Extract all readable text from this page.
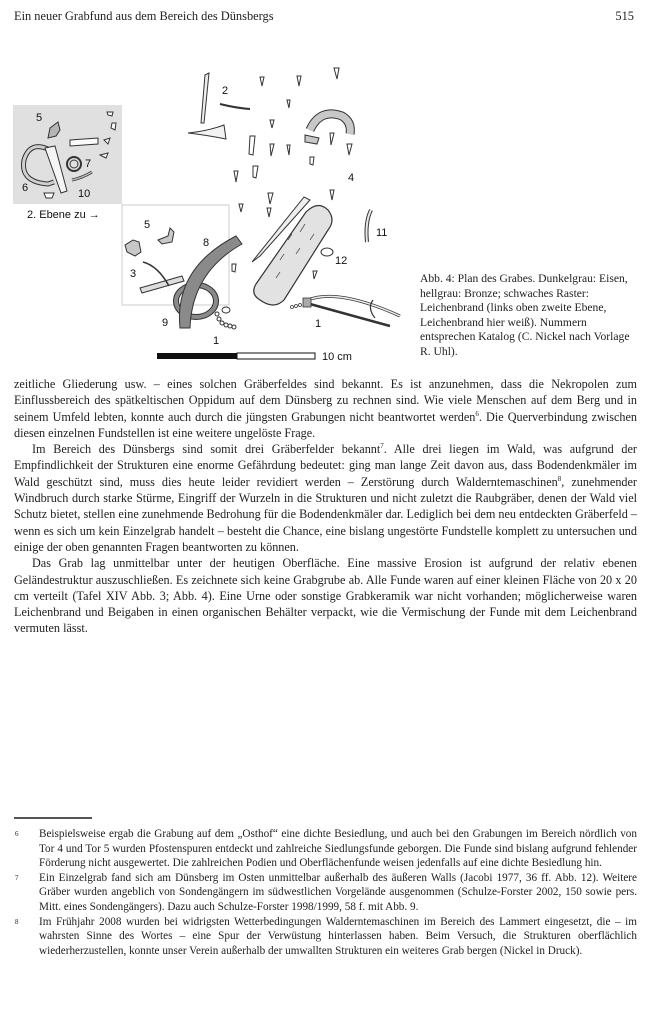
Ein neuer Grabfund aus dem Bereich des Dünsbergs	515
5
6
7
10
2. Ebene zu →
2
4
5
3
9
8
1
11
12
1
10 cm
Abb. 4: Plan des Grabes. Dunkelgrau: Eisen, hellgrau: Bronze; schwaches Raster: Leichenbrand (links oben zweite Ebene, Leichenbrand hier weiß). Nummern entsprechen Katalog (C. Nickel nach Vorlage R. Uhl).

zeitliche Gliederung usw. – eines solchen Gräberfeldes sind bekannt. Es ist anzunehmen, dass die Nekropolen zum Einflussbereich des spätkeltischen Oppidum auf dem Dünsberg zu rechnen sind. Wie viele Menschen auf dem Berg und in seinem Umfeld lebten, konnte auch durch die jüngsten Grabungen nicht beantwortet werden$^6$. Die Querverbindung zwischen diesen einzelnen Fundstellen ist eine weitere ungelöste Frage.

Im Bereich des Dünsbergs sind somit drei Gräberfelder bekannt$^7$. Alle drei liegen im Wald, was aufgrund der Empfindlichkeit der Strukturen eine enorme Gefährdung bedeutet: ging man lange Zeit davon aus, dass Bodendenkmäler im Wald geschützt sind, muss dies heute leider revidiert werden – Zerstörung durch Walderntemaschinen$^8$, zunehmender Windbruch durch starke Stürme, Eingriff der Wurzeln in die Strukturen und nicht zuletzt die Raubgräber, denen der Wald viel Schutz bietet, stellen eine zunehmende Bedrohung für die Bodendenkmäler dar. Lediglich bei dem neu entdeckten Gräberfeld – wenn es sich um kein Einzelgrab handelt – besteht die Chance, eine bislang ungestörte Fundstelle komplett zu untersuchen und einige der oben genannten Fragen beantworten zu können.

Das Grab lag unmittelbar unter der heutigen Oberfläche. Eine massive Erosion ist aufgrund der relativ ebenen Geländestruktur auszuschließen. Es zeichnete sich keine Grabgrube ab. Alle Funde waren auf einer kleinen Fläche von 20 x 20 cm verteilt (Tafel XIV Abb. 3; Abb. 4). Eine Urne oder sonstige Grabkeramik war nicht vorhanden; möglicherweise waren Leichenbrand und Beigaben in einen organischen Behälter verpackt, wie die Vermischung der Funde mit dem Leichenbrand vermuten lässt.

6	Beispielsweise ergab die Grabung auf dem „Osthof“ eine dichte Besiedlung, und auch bei den Grabungen im Bereich nördlich von Tor 4 und Tor 5 wurden Pfostenspuren entdeckt und zahlreiche Siedlungsfunde geborgen. Die Funde sind bislang aufgrund fehlender Förderung nicht ausgewertet. Die zahlreichen Podien und Oberflächenfunde weisen jedenfalls auf eine dichte Besiedlung hin.
7	Ein Einzelgrab fand sich am Dünsberg im Osten unmittelbar außerhalb des äußeren Walls (Jacobi 1977, 36 ff. Abb. 12). Weitere Gräber wurden angeblich von Sondengängern im südwestlichen Vorgelände ausgenommen (Schulze-Forster 2002, 150 sowie pers. Mitt. eines Sondengängers). Dazu auch Schulze-Forster 1998/1999, 58 f. mit Abb. 9.
8	Im Frühjahr 2008 wurden bei widrigsten Wetterbedingungen Walderntemaschinen im Bereich des Lammert eingesetzt, die – im wahrsten Sinne des Wortes – eine Spur der Verwüstung hinterlassen haben. Beim Versuch, die Strukturen oberflächlich wiederherzustellen, konnte unser Verein außerhalb der umwallten Strukturen ein weiteres Grab bergen (Nickel in Druck).
